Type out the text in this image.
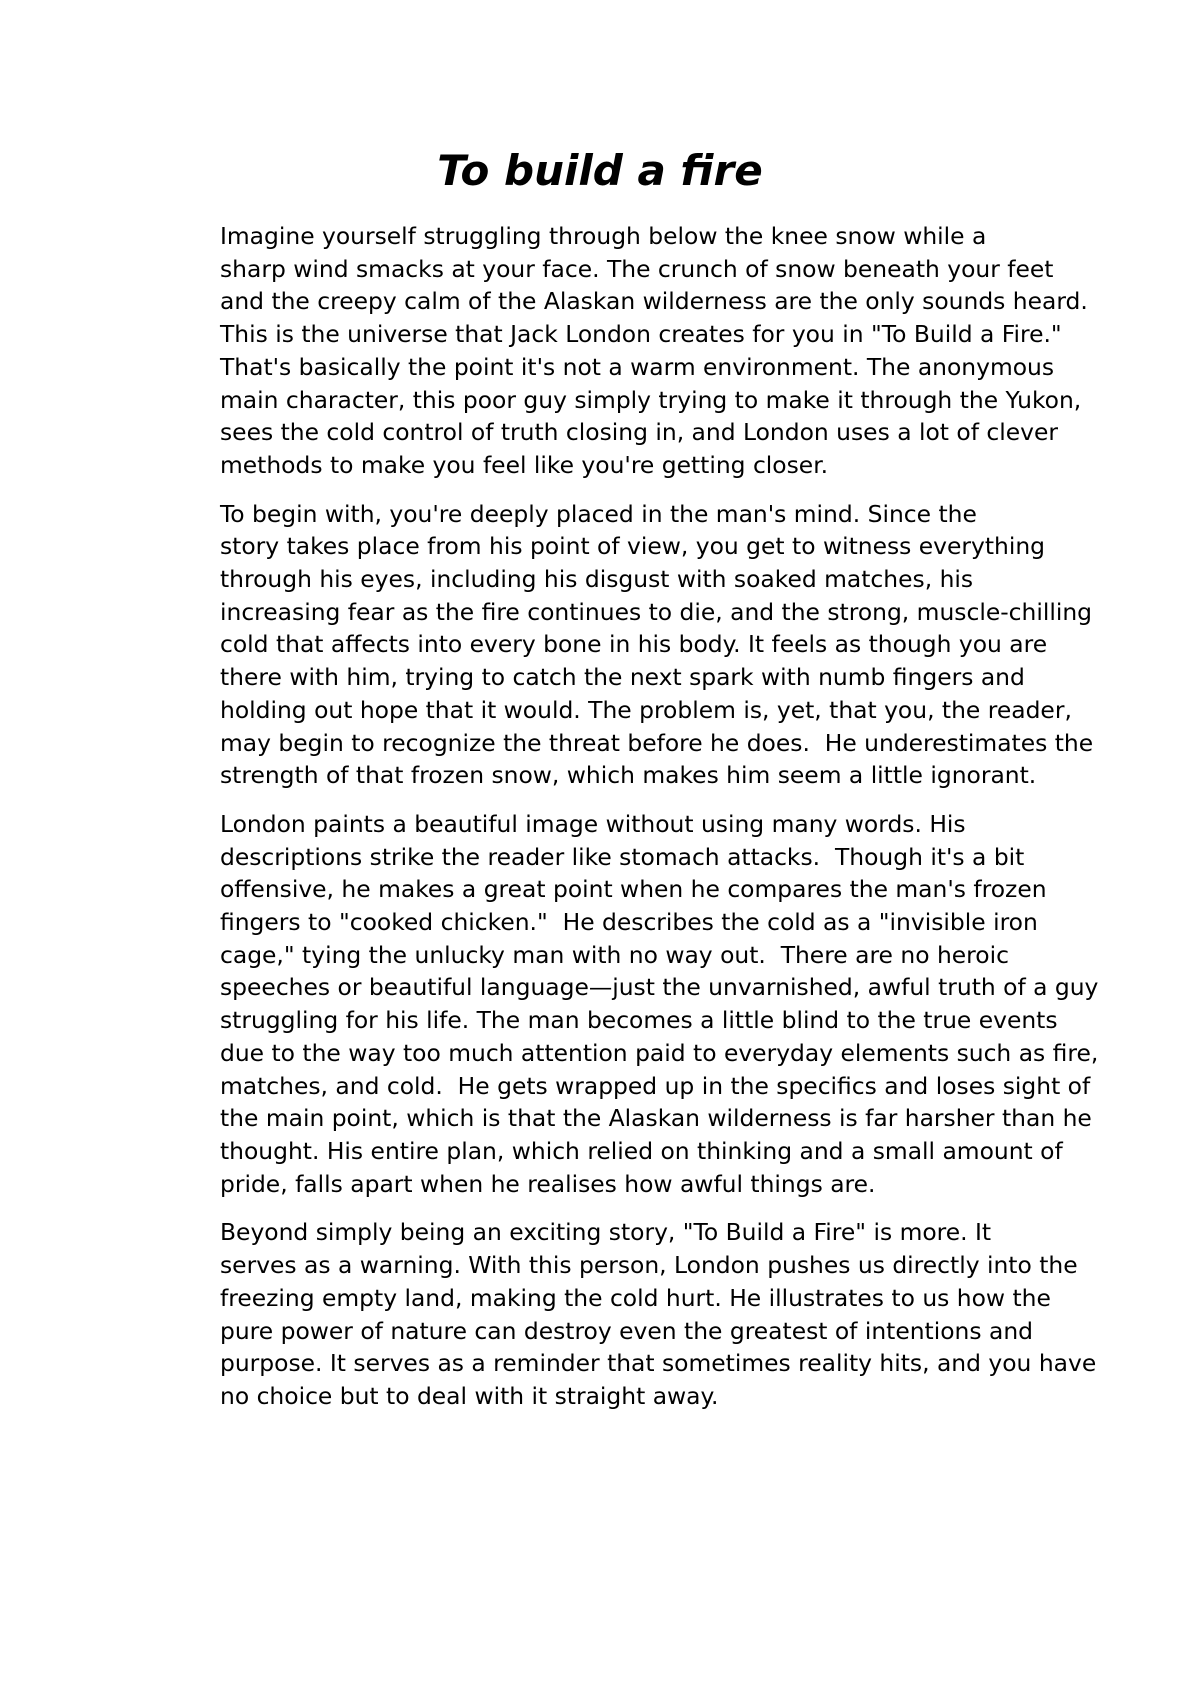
To build a fire

Imagine yourself struggling through below the knee snow while a
sharp wind smacks at your face. The crunch of snow beneath your feet
and the creepy calm of the Alaskan wilderness are the only sounds heard.
This is the universe that Jack London creates for you in "To Build a Fire."
That's basically the point it's not a warm environment. The anonymous
main character, this poor guy simply trying to make it through the Yukon,
sees the cold control of truth closing in, and London uses a lot of clever
methods to make you feel like you're getting closer.

To begin with, you're deeply placed in the man's mind. Since the
story takes place from his point of view, you get to witness everything
through his eyes, including his disgust with soaked matches, his
increasing fear as the fire continues to die, and the strong, muscle-chilling
cold that affects into every bone in his body. It feels as though you are
there with him, trying to catch the next spark with numb fingers and
holding out hope that it would. The problem is, yet, that you, the reader,
may begin to recognize the threat before he does.  He underestimates the
strength of that frozen snow, which makes him seem a little ignorant.

London paints a beautiful image without using many words. His
descriptions strike the reader like stomach attacks.  Though it's a bit
offensive, he makes a great point when he compares the man's frozen
fingers to "cooked chicken."  He describes the cold as a "invisible iron
cage," tying the unlucky man with no way out.  There are no heroic
speeches or beautiful language—just the unvarnished, awful truth of a guy
struggling for his life. The man becomes a little blind to the true events
due to the way too much attention paid to everyday elements such as fire,
matches, and cold.  He gets wrapped up in the specifics and loses sight of
the main point, which is that the Alaskan wilderness is far harsher than he
thought. His entire plan, which relied on thinking and a small amount of
pride, falls apart when he realises how awful things are.

Beyond simply being an exciting story, "To Build a Fire" is more. It
serves as a warning. With this person, London pushes us directly into the
freezing empty land, making the cold hurt. He illustrates to us how the
pure power of nature can destroy even the greatest of intentions and
purpose. It serves as a reminder that sometimes reality hits, and you have
no choice but to deal with it straight away.
